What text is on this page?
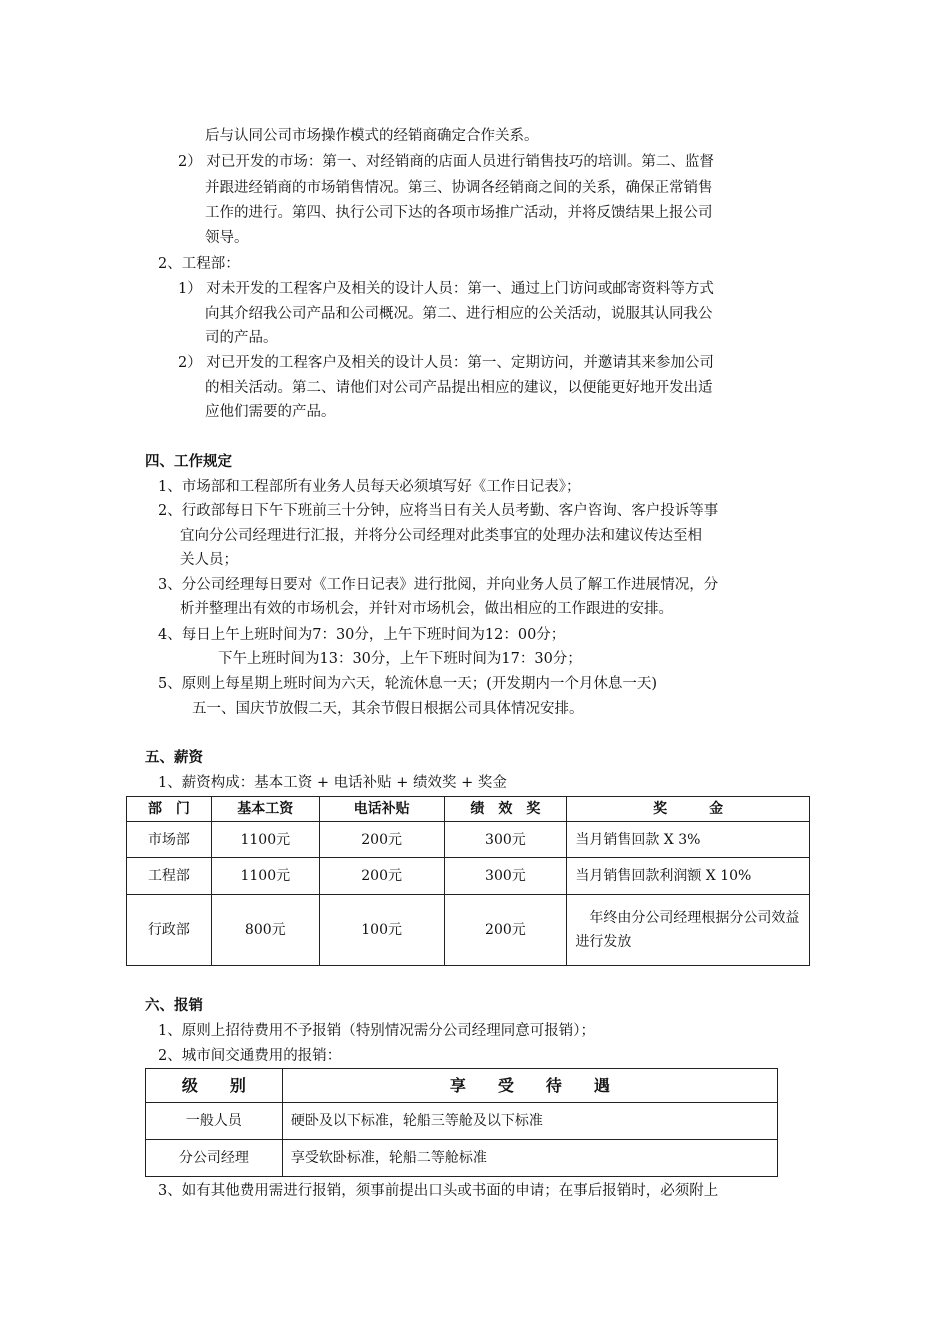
后与认同公司市场操作模式的经销商确定合作关系。
2） 对已开发的市场：第一、对经销商的店面人员进行销售技巧的培训。第二、监督
并跟进经销商的市场销售情况。第三、协调各经销商之间的关系，确保正常销售
工作的进行。第四、执行公司下达的各项市场推广活动，并将反馈结果上报公司
领导。
2、工程部：
1） 对未开发的工程客户及相关的设计人员：第一、通过上门访问或邮寄资料等方式
向其介绍我公司产品和公司概况。第二、进行相应的公关活动，说服其认同我公
司的产品。
2） 对已开发的工程客户及相关的设计人员：第一、定期访问，并邀请其来参加公司
的相关活动。第二、请他们对公司产品提出相应的建议，以便能更好地开发出适
应他们需要的产品。
四、工作规定
1、市场部和工程部所有业务人员每天必须填写好《工作日记表》；
2、行政部每日下午下班前三十分钟，应将当日有关人员考勤、客户咨询、客户投诉等事
宜向分公司经理进行汇报，并将分公司经理对此类事宜的处理办法和建议传达至相
关人员；
3、分公司经理每日要对《工作日记表》进行批阅，并向业务人员了解工作进展情况，分
析并整理出有效的市场机会，并针对市场机会，做出相应的工作跟进的安排。
4、每日上午上班时间为7：30分，上午下班时间为12：00分；
下午上班时间为13：30分，上午下班时间为17：30分；
5、原则上每星期上班时间为六天，轮流休息一天；(开发期内一个月休息一天)
五一、国庆节放假二天，其余节假日根据公司具体情况安排。
五、薪资
1、薪资构成：基本工资 + 电话补贴 + 绩效奖 + 奖金
部　门	基本工资	电话补贴	绩　效　奖	奖　　　金
市场部	1100元	200元	300元	当月销售回款 X 3%
工程部	1100元	200元	300元	当月销售回款利润额 X 10%
行政部	800元	100元	200元	　年终由分公司经理根据分公司效益进行发放
六、报销
1、原则上招待费用不予报销（特别情况需分公司经理同意可报销）；
2、城市间交通费用的报销：
级　　别	享　　受　　待　　遇
一般人员	硬卧及以下标准，轮船三等舱及以下标准
分公司经理	享受软卧标准，轮船二等舱标准
3、如有其他费用需进行报销，须事前提出口头或书面的申请；在事后报销时，必须附上
